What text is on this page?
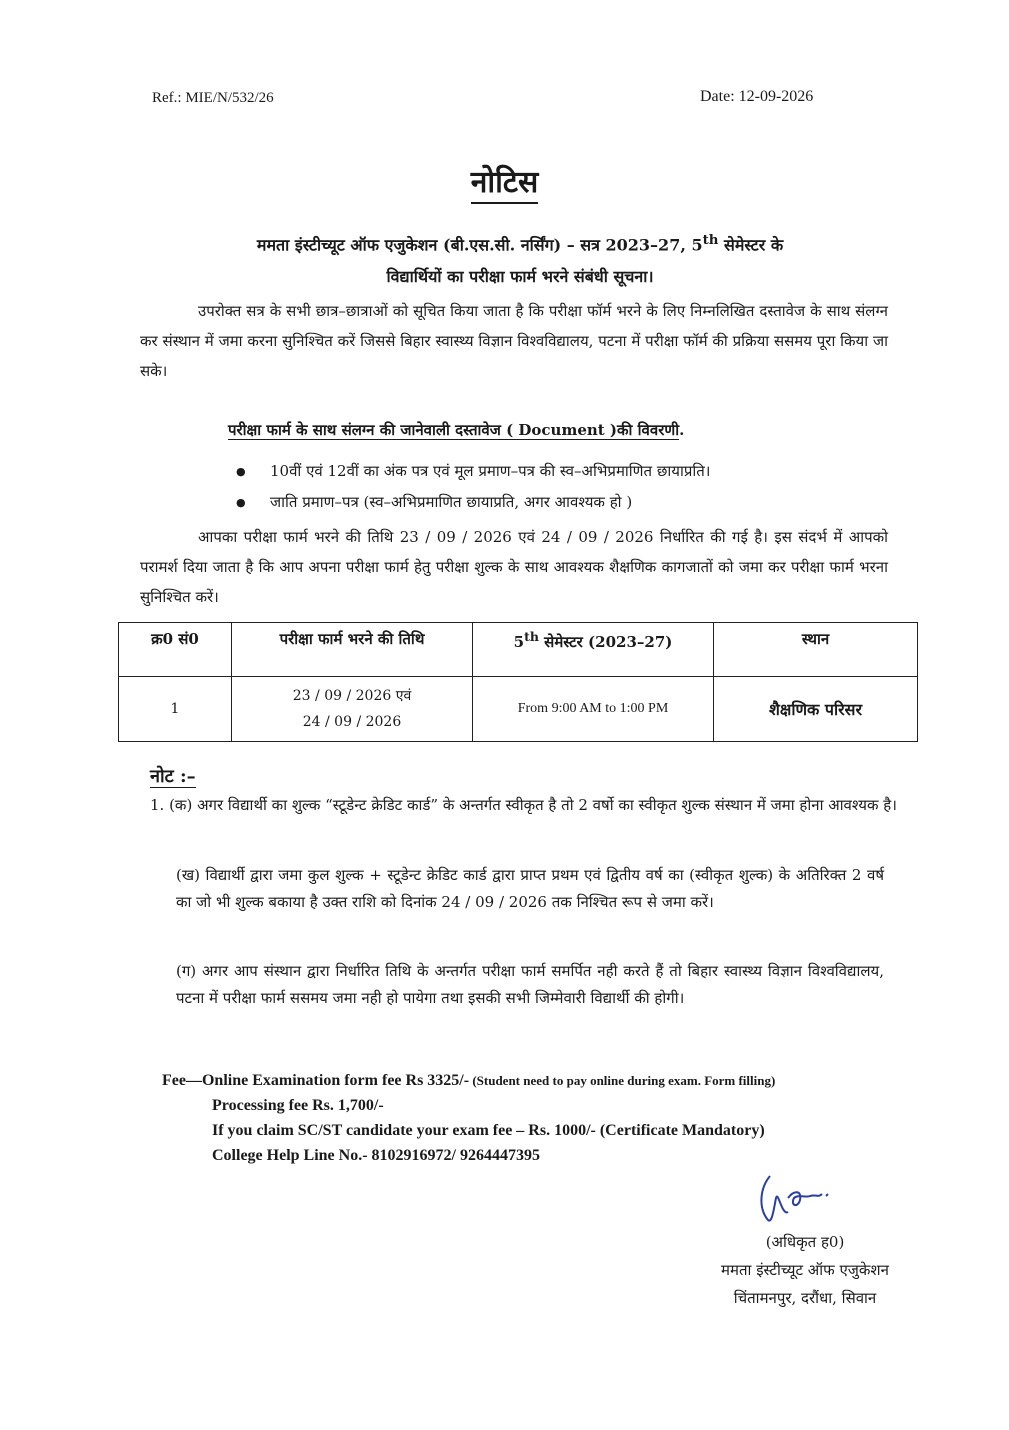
Ref.: MIE/N/532/26	Date: 12-09-2026
नोटिस
ममता इंस्टीच्यूट ऑफ एजुकेशन (बी.एस.सी. नर्सिंग) – सत्र 2023–27, 5th सेमेस्टर के
विद्यार्थियों का परीक्षा फार्म भरने संबंधी सूचना।
उपरोक्त सत्र के सभी छात्र–छात्राओं को सूचित किया जाता है कि परीक्षा फॉर्म भरने के लिए निम्नलिखित दस्तावेज के साथ संलग्न कर संस्थान में जमा करना सुनिश्चित करें जिससे बिहार स्वास्थ्य विज्ञान विश्वविद्यालय, पटना में परीक्षा फॉर्म की प्रक्रिया ससमय पूरा किया जा सके।
परीक्षा फार्म के साथ संलग्न की जानेवाली दस्तावेज ( Document )की विवरणी.
● 10वीं एवं 12वीं का अंक पत्र एवं मूल प्रमाण–पत्र की स्व–अभिप्रमाणित छायाप्रति।
● जाति प्रमाण–पत्र (स्व–अभिप्रमाणित छायाप्रति, अगर आवश्यक हो )
आपका परीक्षा फार्म भरने की तिथि 23 / 09 / 2026 एवं 24 / 09 / 2026 निर्धारित की गई है। इस संदर्भ में आपको परामर्श दिया जाता है कि आप अपना परीक्षा फार्म हेतु परीक्षा शुल्क के साथ आवश्यक शैक्षणिक कागजातों को जमा कर परीक्षा फार्म भरना सुनिश्चित करें।
क्र0 सं0	परीक्षा फार्म भरने की तिथि	5th सेमेस्टर (2023–27)	स्थान
1	23 / 09 / 2026 एवं
24 / 09 / 2026	From 9:00 AM to 1:00 PM	शैक्षणिक परिसर
नोट :–
1. (क) अगर विद्यार्थी का शुल्क “स्टूडेन्ट क्रेडिट कार्ड” के अन्तर्गत स्वीकृत है तो 2 वर्षो का स्वीकृत शुल्क संस्थान में जमा होना आवश्यक है।
(ख) विद्यार्थी द्वारा जमा कुल शुल्क + स्टूडेन्ट क्रेडिट कार्ड द्वारा प्राप्त प्रथम एवं द्वितीय वर्ष का (स्वीकृत शुल्क) के अतिरिक्त 2 वर्ष का जो भी शुल्क बकाया है उक्त राशि को दिनांक 24 / 09 / 2026 तक निश्चित रूप से जमा करें।
(ग) अगर आप संस्थान द्वारा निर्धारित तिथि के अन्तर्गत परीक्षा फार्म समर्पित नही करते हैं तो बिहार स्वास्थ्य विज्ञान विश्वविद्यालय, पटना में परीक्षा फार्म ससमय जमा नही हो पायेगा तथा इसकी सभी जिम्मेवारी विद्यार्थी की होगी।
Fee—Online Examination form fee Rs 3325/- (Student need to pay online during exam. Form filling)
Processing fee Rs. 1,700/-
If you claim SC/ST candidate your exam fee – Rs. 1000/- (Certificate Mandatory)
College Help Line No.- 8102916972/ 9264447395
(अधिकृत ह0)
ममता इंस्टीच्यूट ऑफ एजुकेशन
चिंतामनपुर, दरौंधा, सिवान
